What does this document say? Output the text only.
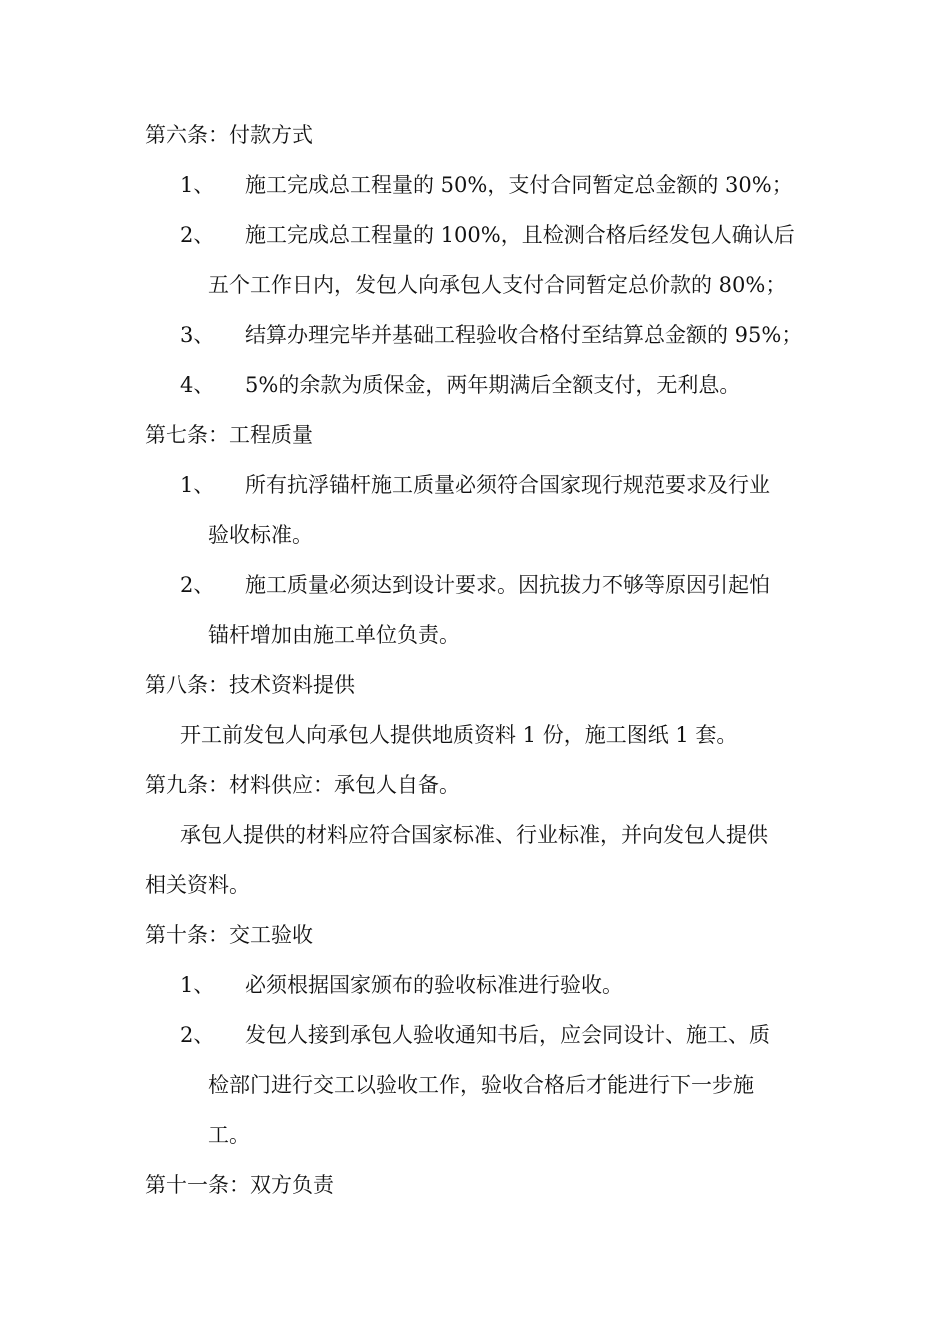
第六条：付款方式
1、 施工完成总工程量的 50%，支付合同暂定总金额的 30%；
2、 施工完成总工程量的 100%，且检测合格后经发包人确认后
五个工作日内，发包人向承包人支付合同暂定总价款的 80%；
3、 结算办理完毕并基础工程验收合格付至结算总金额的 95%；
4、 5%的余款为质保金，两年期满后全额支付，无利息。
第七条：工程质量
1、 所有抗浮锚杆施工质量必须符合国家现行规范要求及行业
验收标准。
2、 施工质量必须达到设计要求。因抗拔力不够等原因引起怕
锚杆增加由施工单位负责。
第八条：技术资料提供
开工前发包人向承包人提供地质资料 1 份，施工图纸 1 套。
第九条：材料供应：承包人自备。
承包人提供的材料应符合国家标准、行业标准，并向发包人提供
相关资料。
第十条：交工验收
1、 必须根据国家颁布的验收标准进行验收。
2、 发包人接到承包人验收通知书后，应会同设计、施工、质
检部门进行交工以验收工作，验收合格后才能进行下一步施
工。
第十一条：双方负责
